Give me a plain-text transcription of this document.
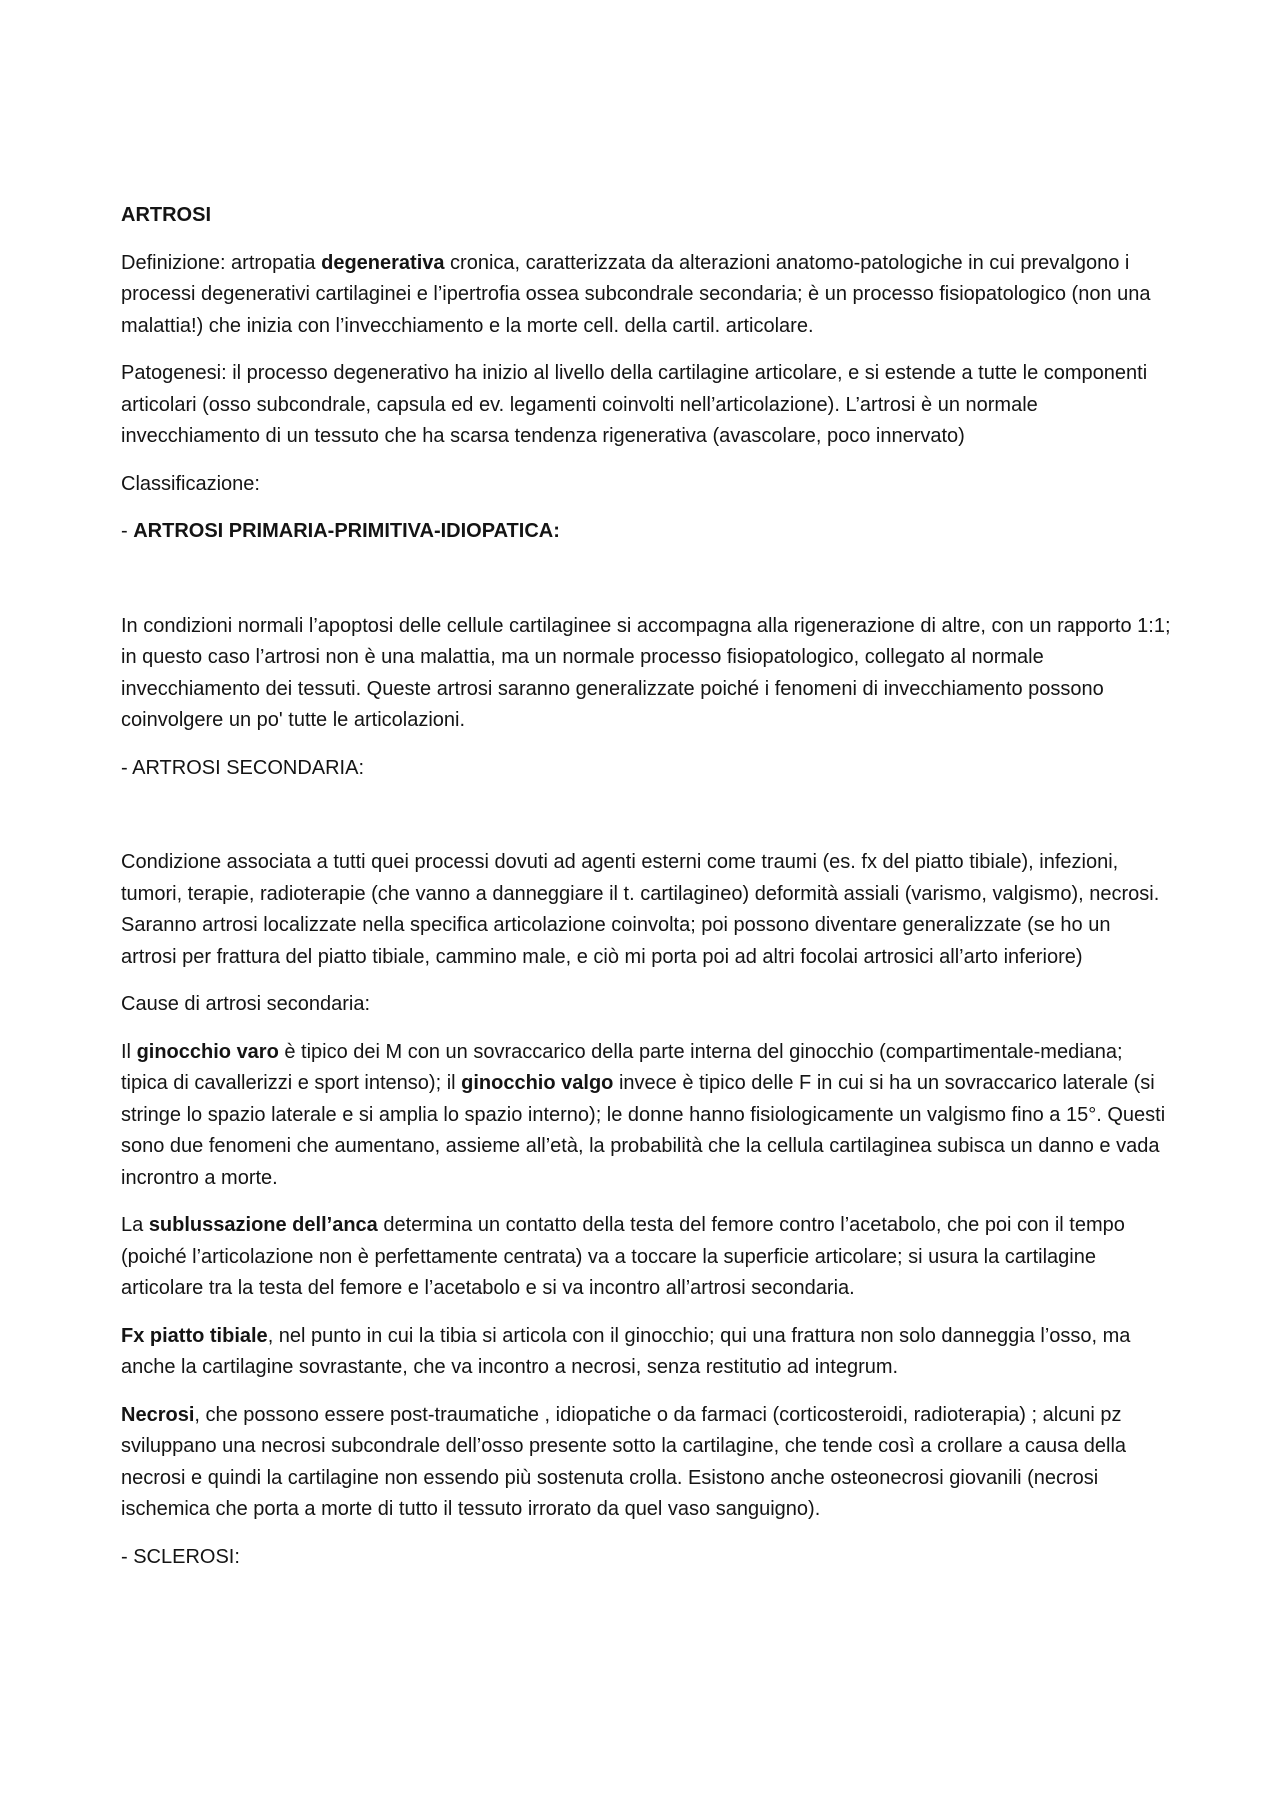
ARTROSI

Definizione: artropatia degenerativa cronica, caratterizzata da alterazioni anatomo-patologiche in cui prevalgono i processi degenerativi cartilaginei e l’ipertrofia ossea subcondrale secondaria; è un processo fisiopatologico (non una malattia!) che inizia con l’invecchiamento e la morte cell. della cartil. articolare.

Patogenesi: il processo degenerativo ha inizio al livello della cartilagine articolare, e si estende a tutte le componenti articolari (osso subcondrale, capsula ed ev. legamenti coinvolti nell’articolazione). L’artrosi è un normale invecchiamento di un tessuto che ha scarsa tendenza rigenerativa (avascolare, poco innervato)

Classificazione:

- ARTROSI PRIMARIA-PRIMITIVA-IDIOPATICA:

In condizioni normali l’apoptosi delle cellule cartilaginee si accompagna alla rigenerazione di altre, con un rapporto 1:1; in questo caso l’artrosi non è una malattia, ma un normale processo fisiopatologico, collegato al normale invecchiamento dei tessuti. Queste artrosi saranno generalizzate poiché i fenomeni di invecchiamento possono coinvolgere un po' tutte le articolazioni.

- ARTROSI SECONDARIA:

Condizione associata a tutti quei processi dovuti ad agenti esterni come traumi (es. fx del piatto tibiale), infezioni, tumori, terapie, radioterapie (che vanno a danneggiare il t. cartilagineo) deformità assiali (varismo, valgismo), necrosi. Saranno artrosi localizzate nella specifica articolazione coinvolta; poi possono diventare generalizzate (se ho un artrosi per frattura del piatto tibiale, cammino male, e ciò mi porta poi ad altri focolai artrosici all’arto inferiore)

Cause di artrosi secondaria:

Il ginocchio varo è tipico dei M con un sovraccarico della parte interna del ginocchio (compartimentale-mediana; tipica di cavallerizzi e sport intenso); il ginocchio valgo invece è tipico delle F in cui si ha un sovraccarico laterale (si stringe lo spazio laterale e si amplia lo spazio interno); le donne hanno fisiologicamente un valgismo fino a 15°. Questi sono due fenomeni che aumentano, assieme all’età, la probabilità che la cellula cartilaginea subisca un danno e vada incrontro a morte.

La sublussazione dell’anca determina un contatto della testa del femore contro l’acetabolo, che poi con il tempo (poiché l’articolazione non è perfettamente centrata) va a toccare la superficie articolare; si usura la cartilagine articolare tra la testa del femore e l’acetabolo e si va incontro all’artrosi secondaria.

Fx piatto tibiale, nel punto in cui la tibia si articola con il ginocchio; qui una frattura non solo danneggia l’osso, ma anche la cartilagine sovrastante, che va incontro a necrosi, senza restitutio ad integrum.

Necrosi, che possono essere post-traumatiche , idiopatiche o da farmaci (corticosteroidi, radioterapia) ; alcuni pz sviluppano una necrosi subcondrale dell’osso presente sotto la cartilagine, che tende così a crollare a causa della necrosi e quindi la cartilagine non essendo più sostenuta crolla. Esistono anche osteonecrosi giovanili (necrosi ischemica che porta a morte di tutto il tessuto irrorato da quel vaso sanguigno).

- SCLEROSI:
